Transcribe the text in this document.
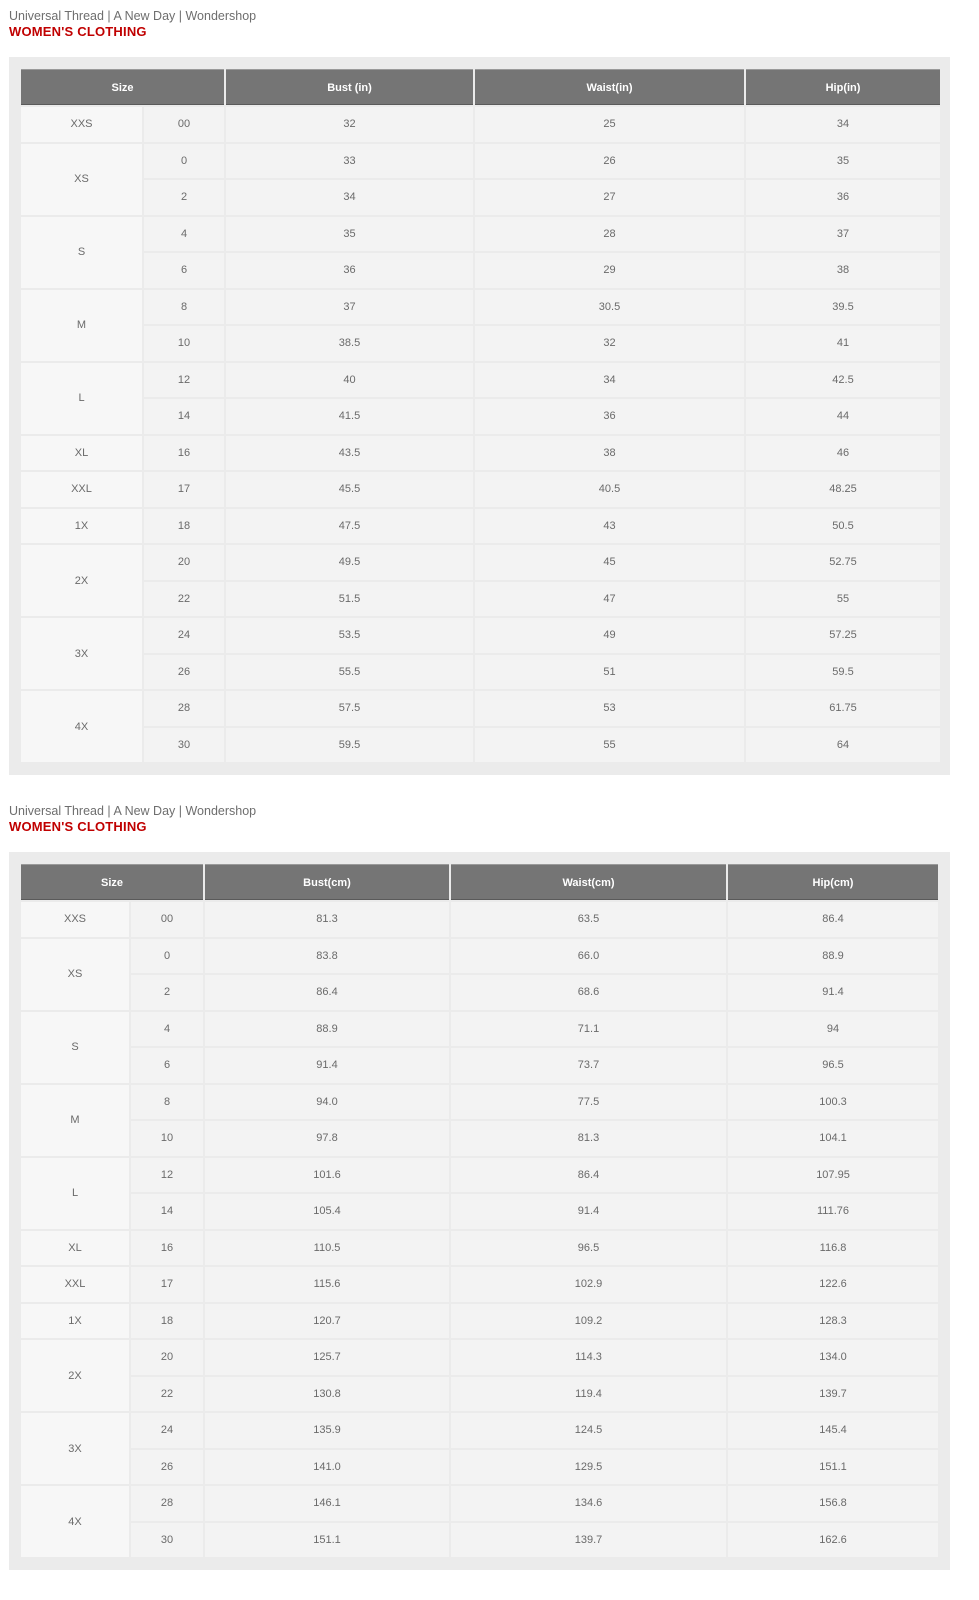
Universal Thread | A New Day | Wondershop
WOMEN'S CLOTHING
Size		Bust (in)	Waist(in)	Hip(in)
XXS	00	32	25	34
XS	0	33	26	35
	2	34	27	36
S	4	35	28	37
	6	36	29	38
M	8	37	30.5	39.5
	10	38.5	32	41
L	12	40	34	42.5
	14	41.5	36	44
XL	16	43.5	38	46
XXL	17	45.5	40.5	48.25
1X	18	47.5	43	50.5
2X	20	49.5	45	52.75
	22	51.5	47	55
3X	24	53.5	49	57.25
	26	55.5	51	59.5
4X	28	57.5	53	61.75
	30	59.5	55	64
Universal Thread | A New Day | Wondershop
WOMEN'S CLOTHING
Size		Bust(cm)	Waist(cm)	Hip(cm)
XXS	00	81.3	63.5	86.4
XS	0	83.8	66.0	88.9
	2	86.4	68.6	91.4
S	4	88.9	71.1	94
	6	91.4	73.7	96.5
M	8	94.0	77.5	100.3
	10	97.8	81.3	104.1
L	12	101.6	86.4	107.95
	14	105.4	91.4	111.76
XL	16	110.5	96.5	116.8
XXL	17	115.6	102.9	122.6
1X	18	120.7	109.2	128.3
2X	20	125.7	114.3	134.0
	22	130.8	119.4	139.7
3X	24	135.9	124.5	145.4
	26	141.0	129.5	151.1
4X	28	146.1	134.6	156.8
	30	151.1	139.7	162.6
